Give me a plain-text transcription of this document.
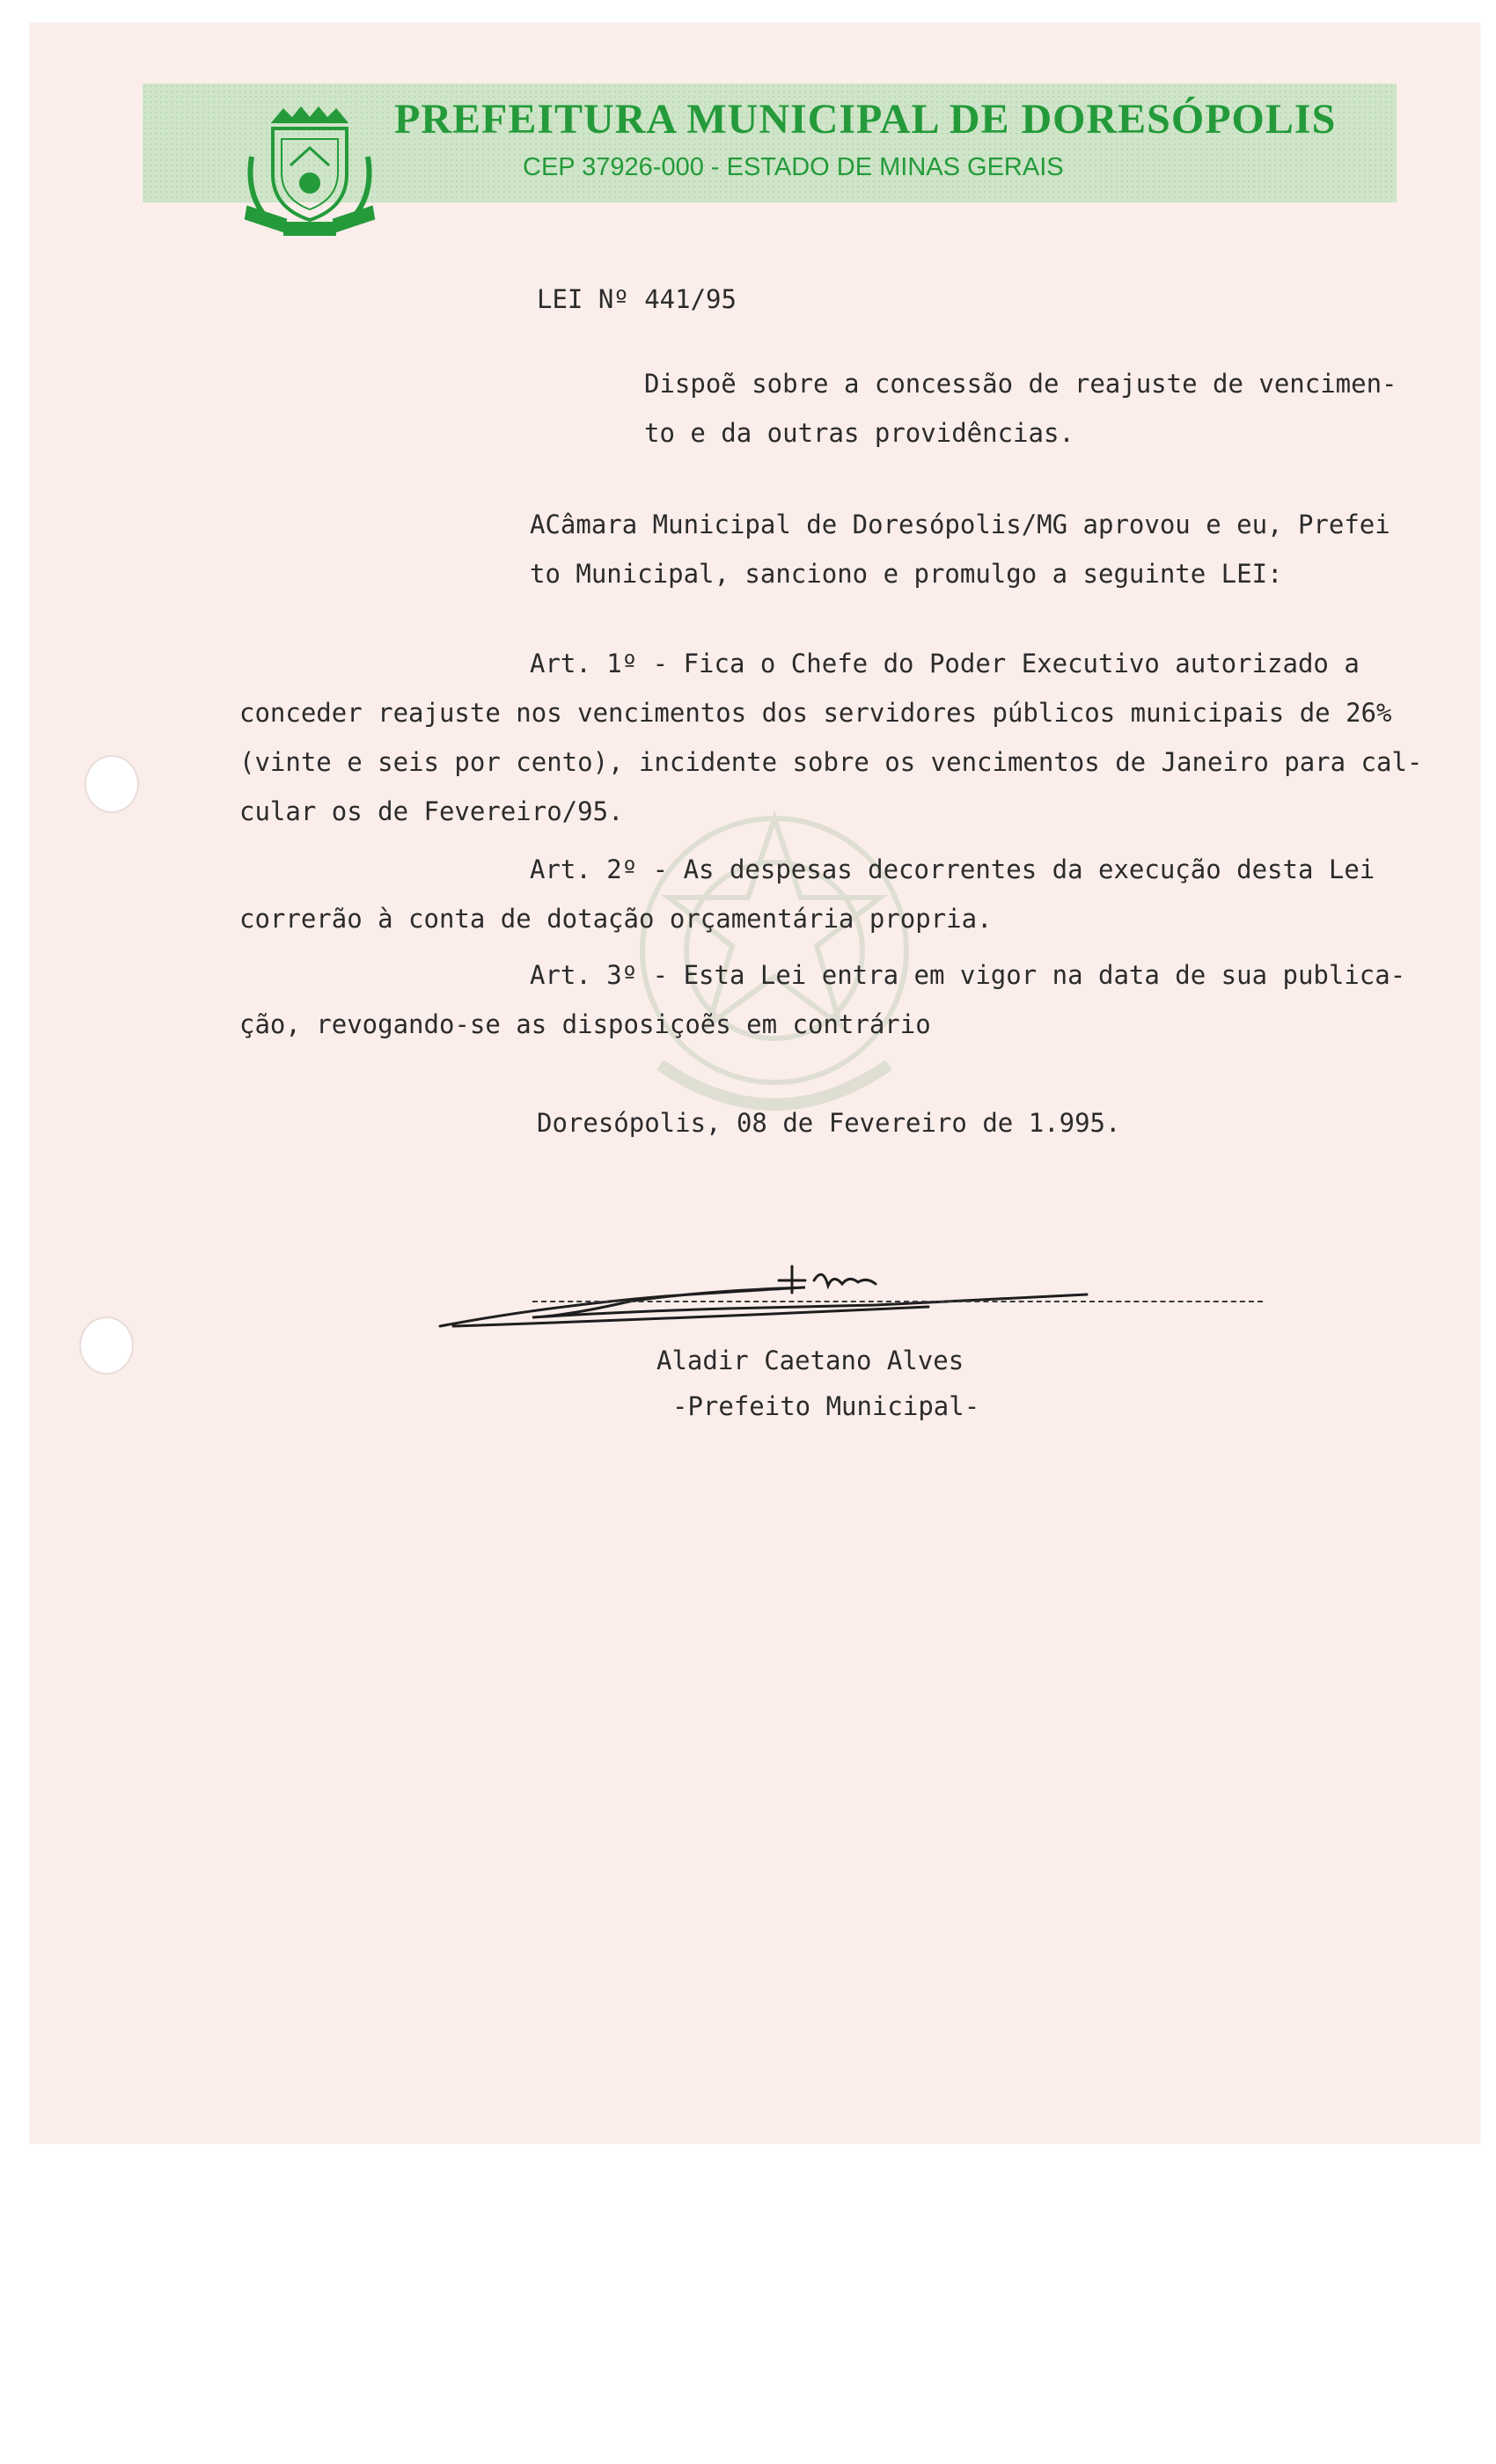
PREFEITURA MUNICIPAL DE DORESÓPOLIS
CEP 37926-000 - ESTADO DE MINAS GERAIS
LEI Nº 441/95
Dispoẽ sobre a concessão de reajuste de vencimen-
to e da outras providências.
ACâmara Municipal de Doresópolis/MG aprovou e eu, Prefei
to Municipal, sanciono e promulgo a seguinte LEI:
Art. 1º - Fica o Chefe do Poder Executivo autorizado a
conceder reajuste nos vencimentos dos servidores públicos municipais de 26%
(vinte e seis por cento), incidente sobre os vencimentos de Janeiro para cal-
cular os de Fevereiro/95.
Art. 2º - As despesas decorrentes da execução desta Lei
correrão à conta de dotação orçamentária propria.
Art. 3º - Esta Lei entra em vigor na data de sua publica-
ção, revogando-se as disposiçoẽs em contrário
Doresópolis, 08 de Fevereiro de 1.995.
Aladir Caetano Alves
-Prefeito Municipal-
